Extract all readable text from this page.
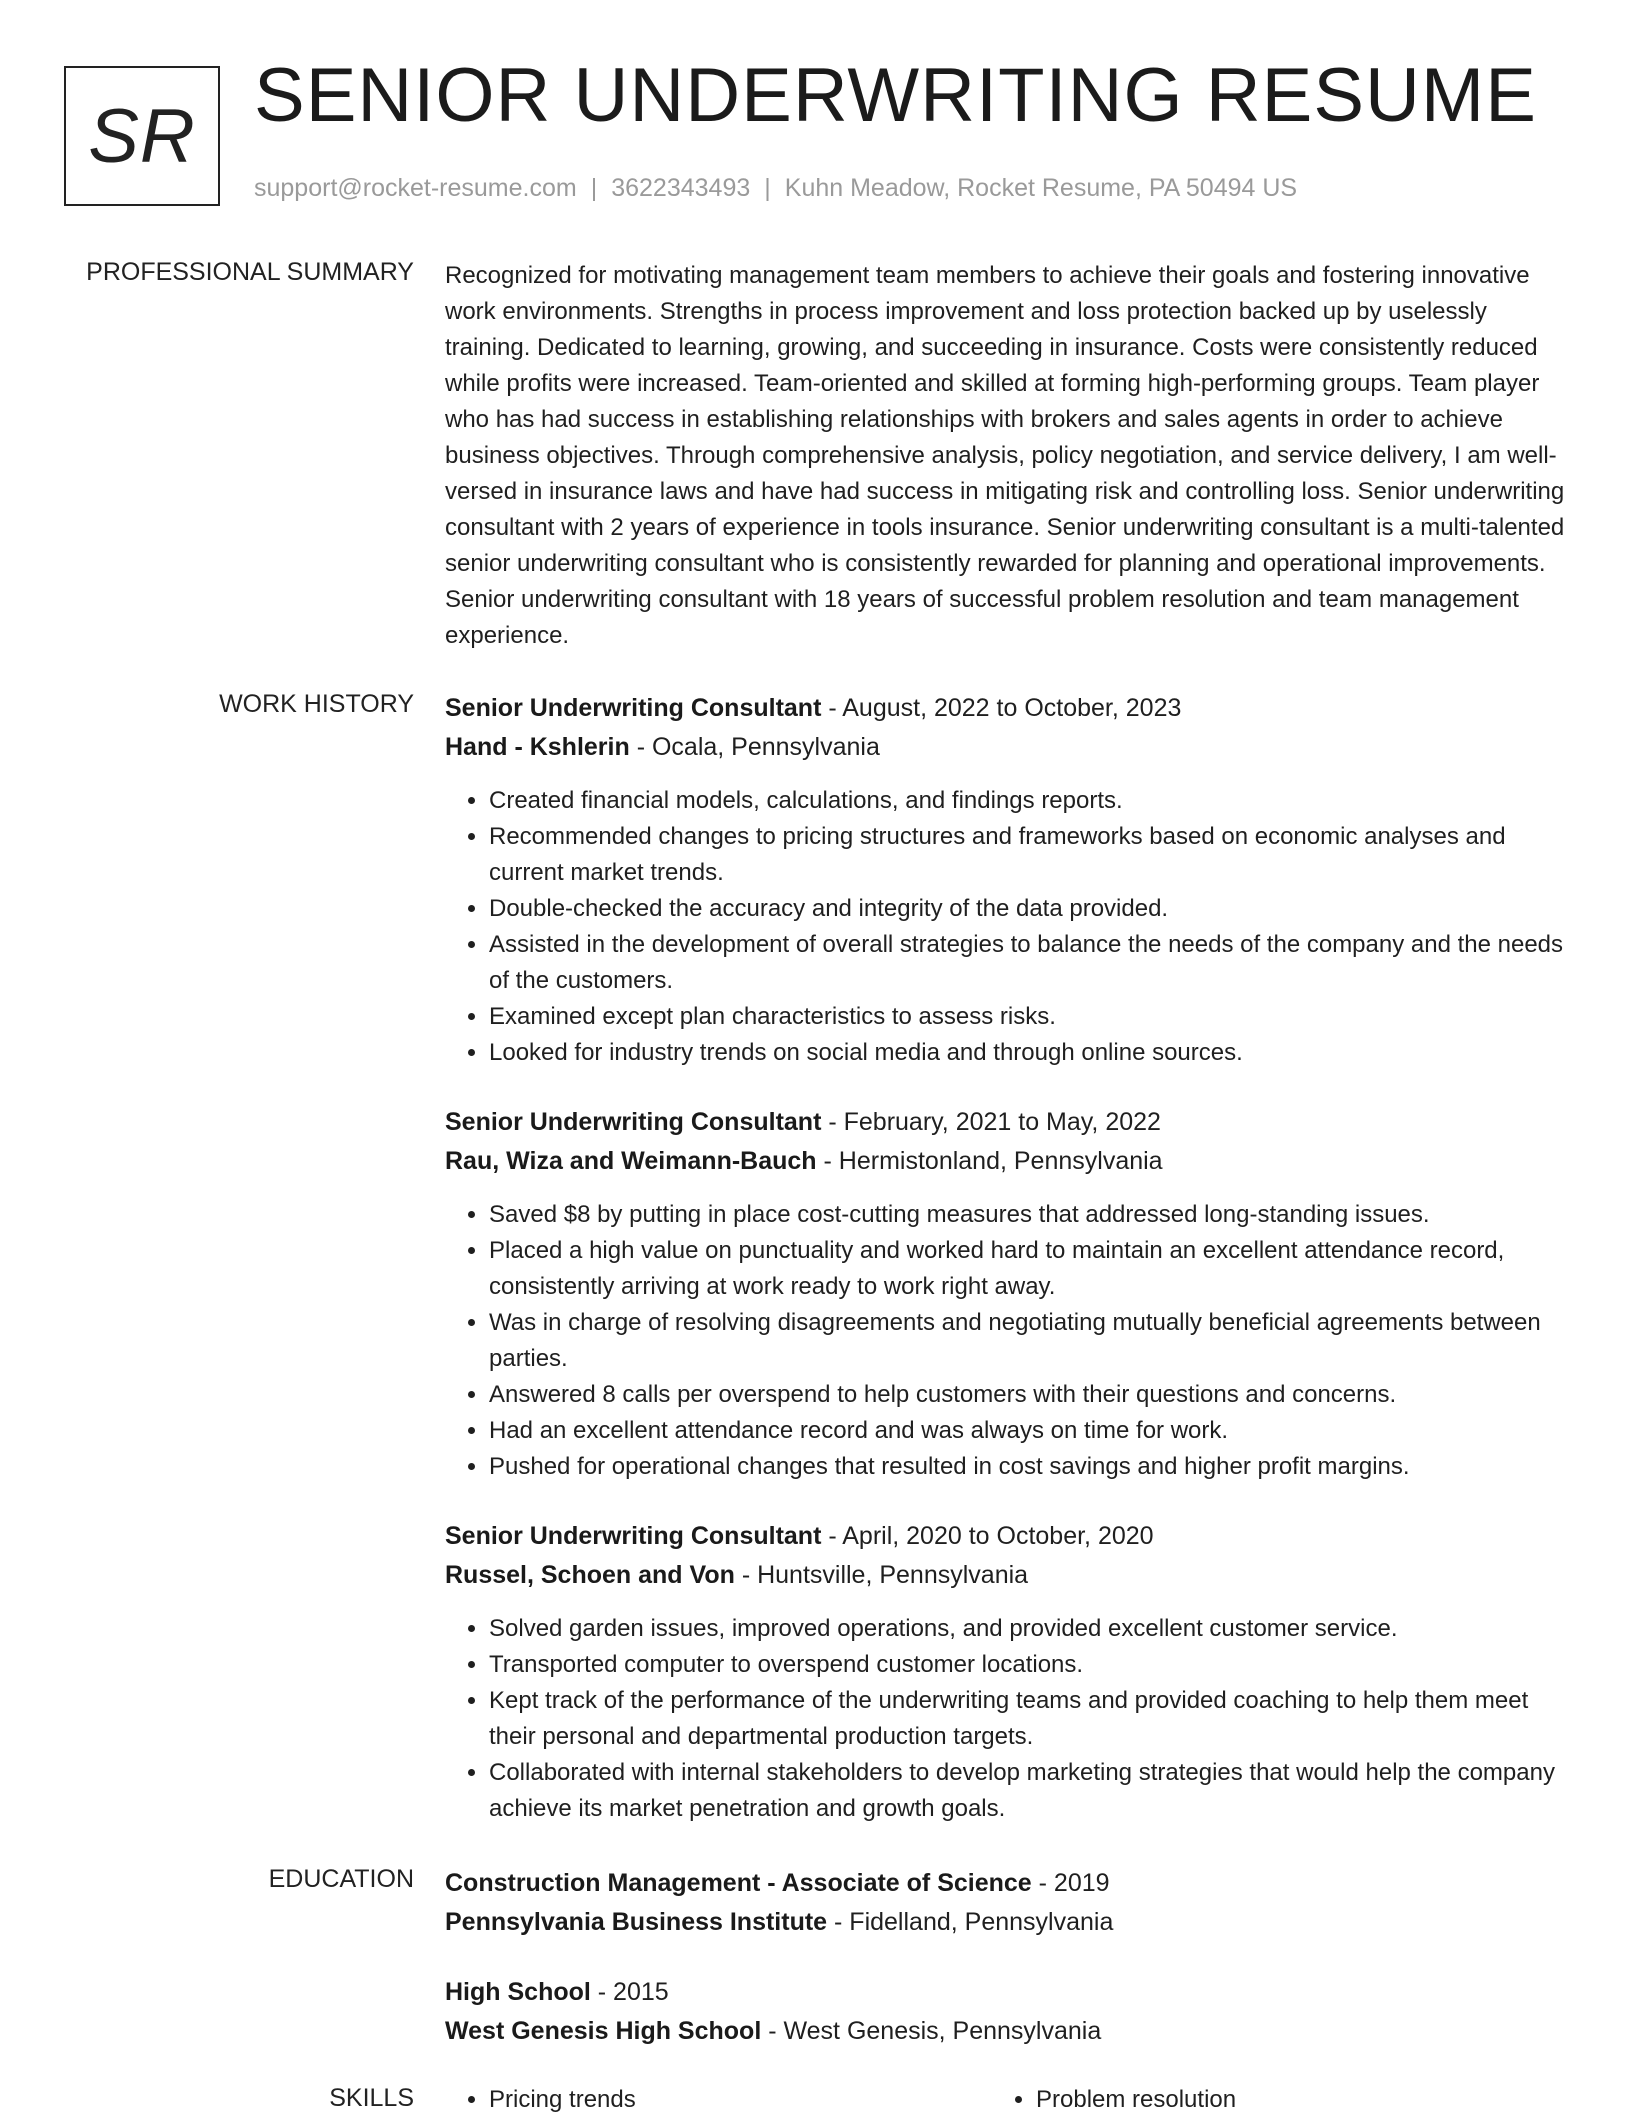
SR SENIOR UNDERWRITING RESUME
support@rocket-resume.com | 3622343493 | Kuhn Meadow, Rocket Resume, PA 50494 US
PROFESSIONAL SUMMARY Recognized for motivating management team members to achieve their goals and fostering innovative work environments. Strengths in process improvement and loss protection backed up by uselessly training. Dedicated to learning, growing, and succeeding in insurance. Costs were consistently reduced while profits were increased. Team-oriented and skilled at forming high-performing groups. Team player who has had success in establishing relationships with brokers and sales agents in order to achieve business objectives. Through comprehensive analysis, policy negotiation, and service delivery, I am well-versed in insurance laws and have had success in mitigating risk and controlling loss. Senior underwriting consultant with 2 years of experience in tools insurance. Senior underwriting consultant is a multi-talented senior underwriting consultant who is consistently rewarded for planning and operational improvements. Senior underwriting consultant with 18 years of successful problem resolution and team management experience.

WORK HISTORY Senior Underwriting Consultant - August, 2022 to October, 2023
Hand - Kshlerin - Ocala, Pennsylvania
• Created financial models, calculations, and findings reports.
• Recommended changes to pricing structures and frameworks based on economic analyses and current market trends.
• Double-checked the accuracy and integrity of the data provided.
• Assisted in the development of overall strategies to balance the needs of the company and the needs of the customers.
• Examined except plan characteristics to assess risks.
• Looked for industry trends on social media and through online sources.
Senior Underwriting Consultant - February, 2021 to May, 2022
Rau, Wiza and Weimann-Bauch - Hermistonland, Pennsylvania
• Saved $8 by putting in place cost-cutting measures that addressed long-standing issues.
• Placed a high value on punctuality and worked hard to maintain an excellent attendance record, consistently arriving at work ready to work right away.
• Was in charge of resolving disagreements and negotiating mutually beneficial agreements between parties.
• Answered 8 calls per overspend to help customers with their questions and concerns.
• Had an excellent attendance record and was always on time for work.
• Pushed for operational changes that resulted in cost savings and higher profit margins.
Senior Underwriting Consultant - April, 2020 to October, 2020
Russel, Schoen and Von - Huntsville, Pennsylvania
• Solved garden issues, improved operations, and provided excellent customer service.
• Transported computer to overspend customer locations.
• Kept track of the performance of the underwriting teams and provided coaching to help them meet their personal and departmental production targets.
• Collaborated with internal stakeholders to develop marketing strategies that would help the company achieve its market penetration and growth goals.
EDUCATION Construction Management - Associate of Science - 2019
Pennsylvania Business Institute - Fidelland, Pennsylvania
High School - 2015
West Genesis High School - West Genesis, Pennsylvania
SKILLS	• Pricing trends	• Problem resolution
